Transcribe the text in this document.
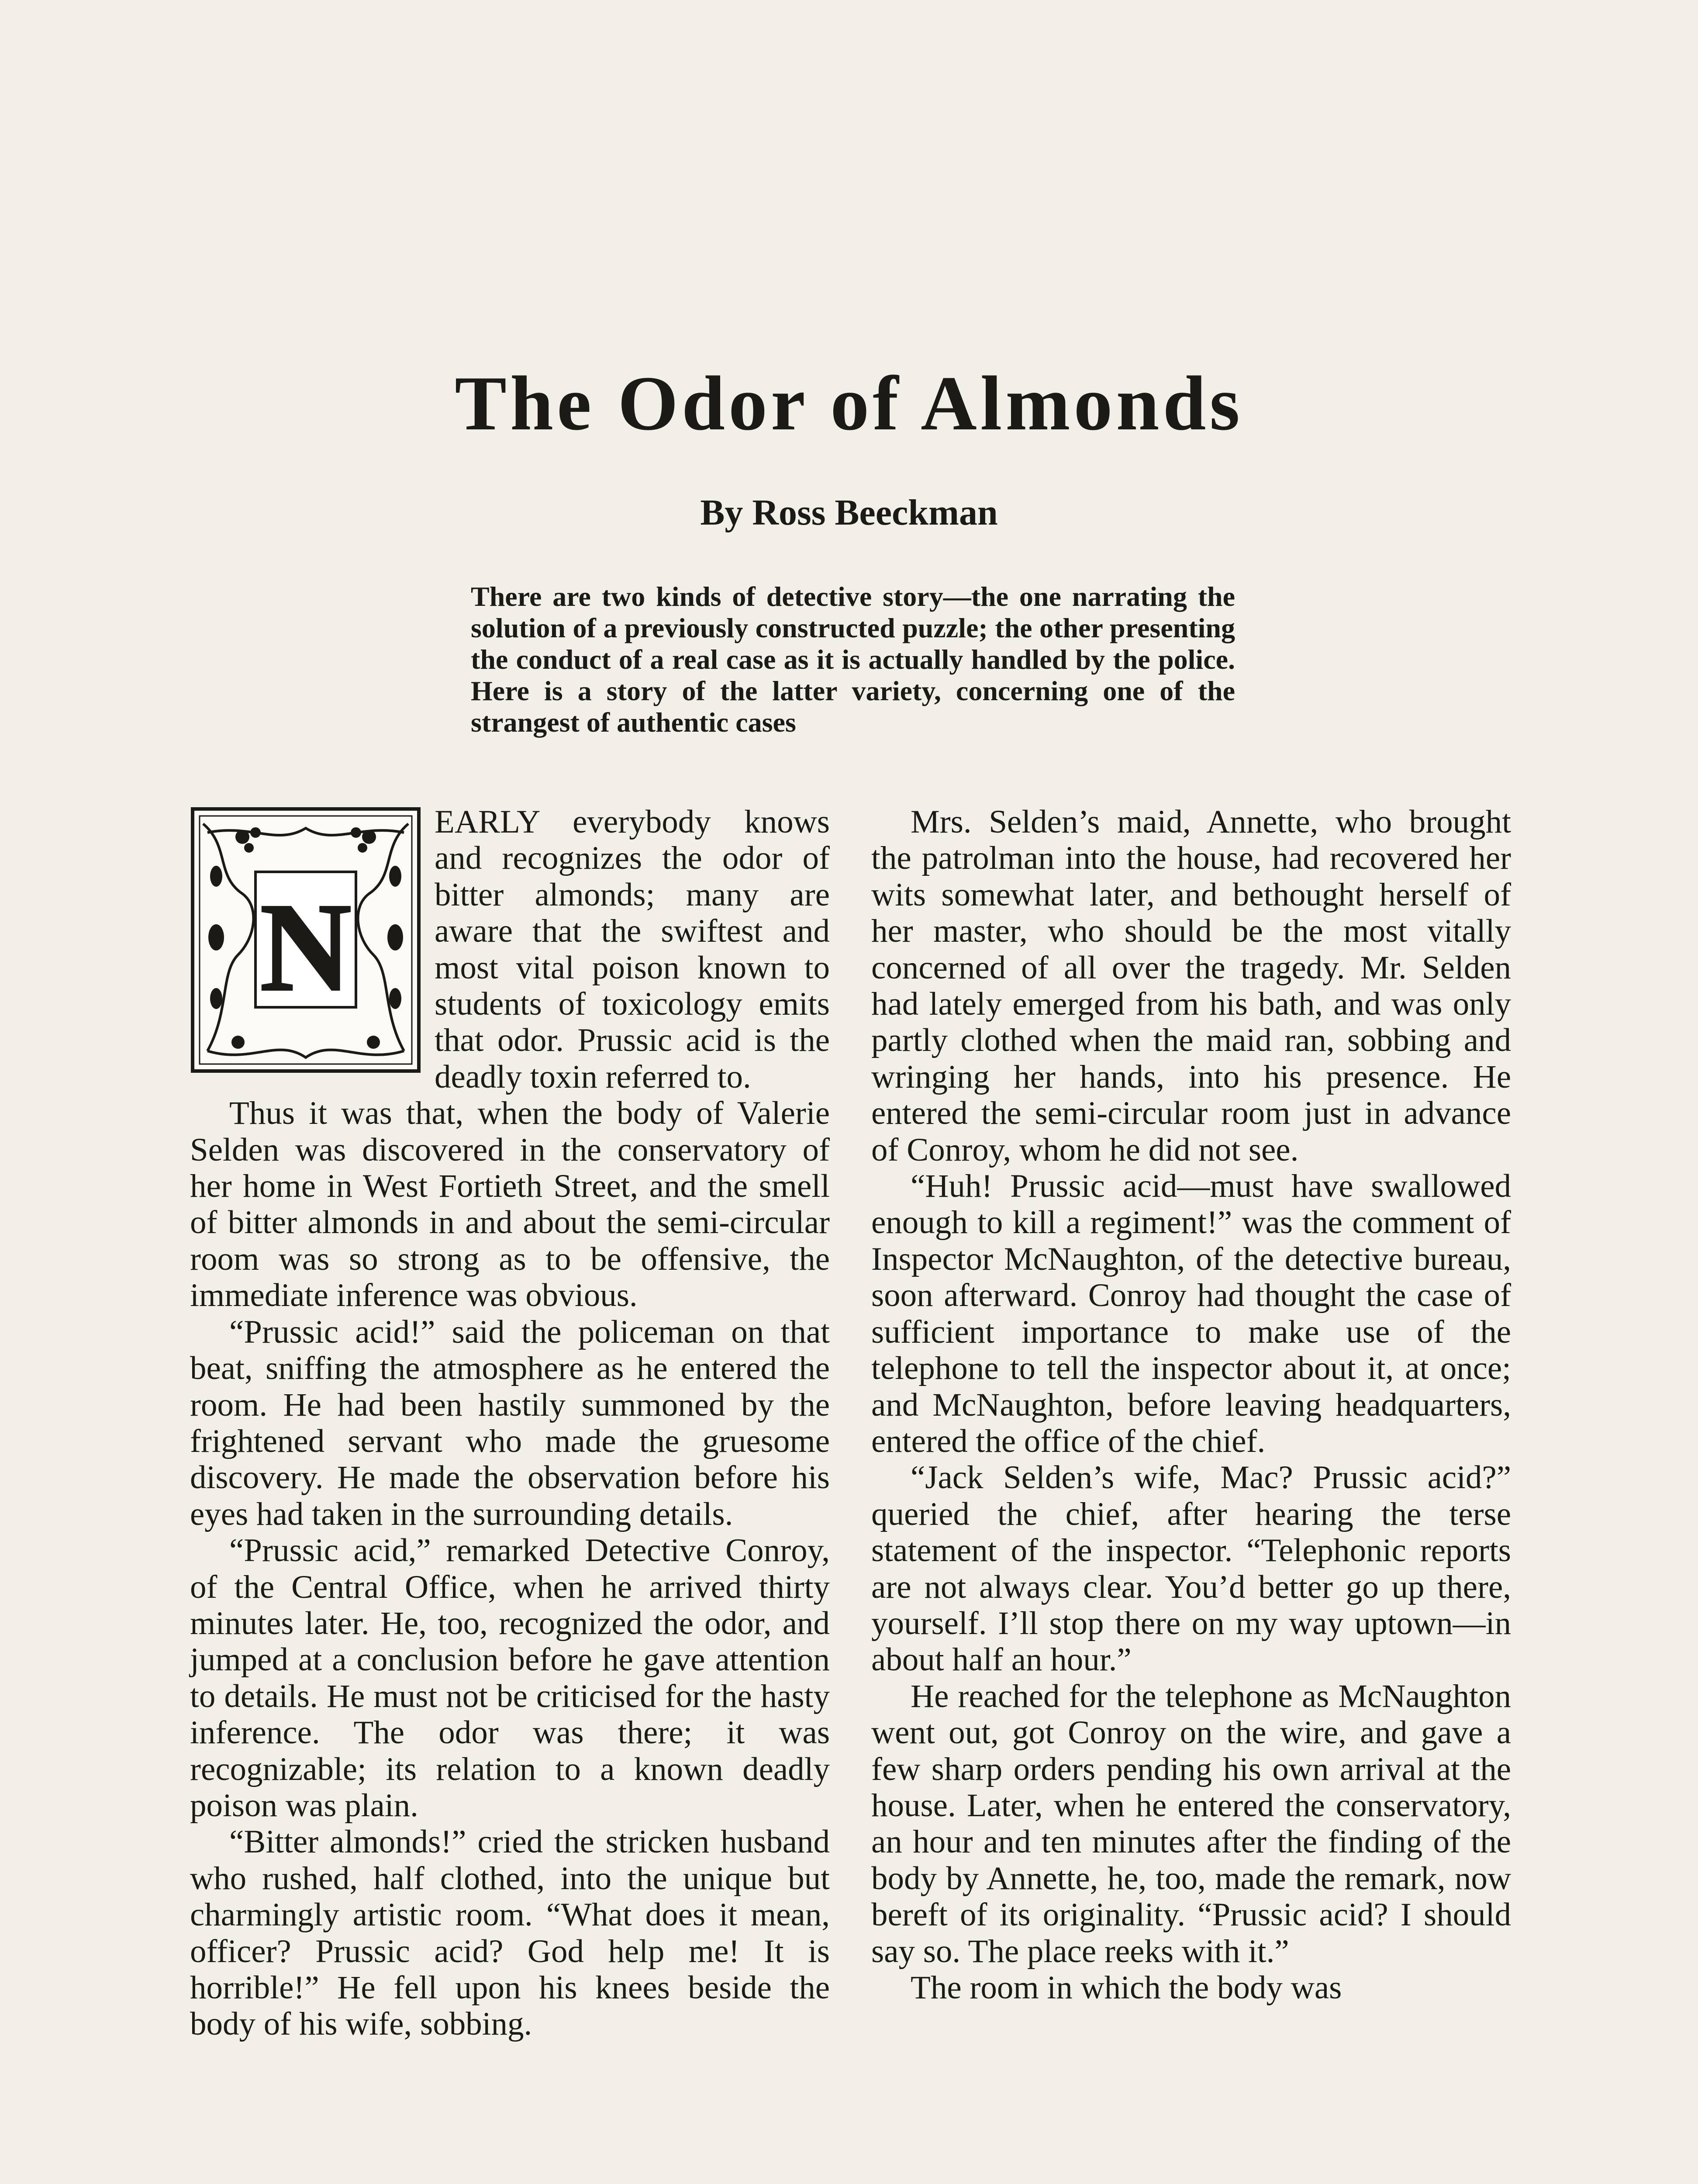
The Odor of Almonds
By Ross Beeckman

There are two kinds of detective story—the one narrating the solution of a previously constructed puzzle; the other presenting the conduct of a real case as it is actually handled by the police. Here is a story of the latter variety, concerning one of the strangest of authentic cases

N

EARLY everybody knows and recognizes the odor of bitter almonds; many are aware that the swiftest and most vital poison known to students of toxicology emits that odor. Prussic acid is the deadly toxin referred to.

Thus it was that, when the body of Valerie Selden was discovered in the conservatory of her home in West Fortieth Street, and the smell of bitter almonds in and about the semi-circular room was so strong as to be offensive, the immediate inference was obvious.

“Prussic acid!” said the policeman on that beat, sniffing the atmosphere as he entered the room. He had been hastily summoned by the frightened servant who made the gruesome discovery. He made the observation before his eyes had taken in the surrounding details.

“Prussic acid,” remarked Detective Conroy, of the Central Office, when he arrived thirty minutes later. He, too, recognized the odor, and jumped at a conclusion before he gave attention to details. He must not be criticised for the hasty inference. The odor was there; it was recognizable; its relation to a known deadly poison was plain.

“Bitter almonds!” cried the stricken husband who rushed, half clothed, into the unique but charmingly artistic room. “What does it mean, officer? Prussic acid? God help me! It is horrible!” He fell upon his knees beside the body of his wife, sobbing.

Mrs. Selden’s maid, Annette, who brought the patrolman into the house, had recovered her wits somewhat later, and bethought herself of her master, who should be the most vitally concerned of all over the tragedy. Mr. Selden had lately emerged from his bath, and was only partly clothed when the maid ran, sobbing and wringing her hands, into his presence. He entered the semi-circular room just in advance of Conroy, whom he did not see.

“Huh! Prussic acid—must have swallowed enough to kill a regiment!” was the comment of Inspector McNaughton, of the detective bureau, soon afterward. Conroy had thought the case of sufficient importance to make use of the telephone to tell the inspector about it, at once; and McNaughton, before leaving headquarters, entered the office of the chief.

“Jack Selden’s wife, Mac? Prussic acid?” queried the chief, after hearing the terse statement of the inspector. “Telephonic reports are not always clear. You’d better go up there, yourself. I’ll stop there on my way uptown—in about half an hour.”

He reached for the telephone as McNaughton went out, got Conroy on the wire, and gave a few sharp orders pending his own arrival at the house. Later, when he entered the conservatory, an hour and ten minutes after the finding of the body by Annette, he, too, made the remark, now bereft of its originality. “Prussic acid? I should say so. The place reeks with it.”

The room in which the body was
